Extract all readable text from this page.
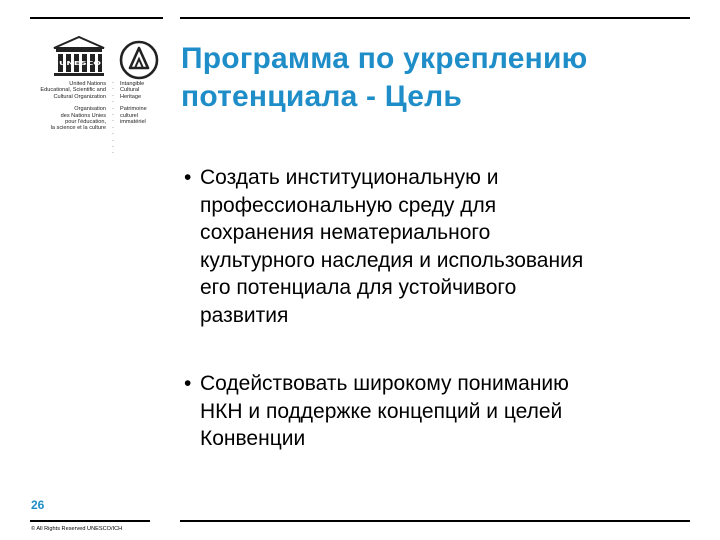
UNESCO
United Nations
Educational, Scientific and
Cultural Organization
Organisation
des Nations Unies
pour l'éducation,
la science et la culture
·
·
·
·
·
·
·
·
·
·
·
·
Intangible
Cultural
Heritage
Patrimoine
culturel
immatériel
Программа по укреплению
потенциала - Цель
• Создать институциональную и
профессиональную среду для
сохранения нематериального
культурного наследия и использования
его потенциала для устойчивого
развития
• Содействовать широкому пониманию
НКН и поддержке концепций и целей
Конвенции
26
© All Rights Reserved UNESCO/ICH
